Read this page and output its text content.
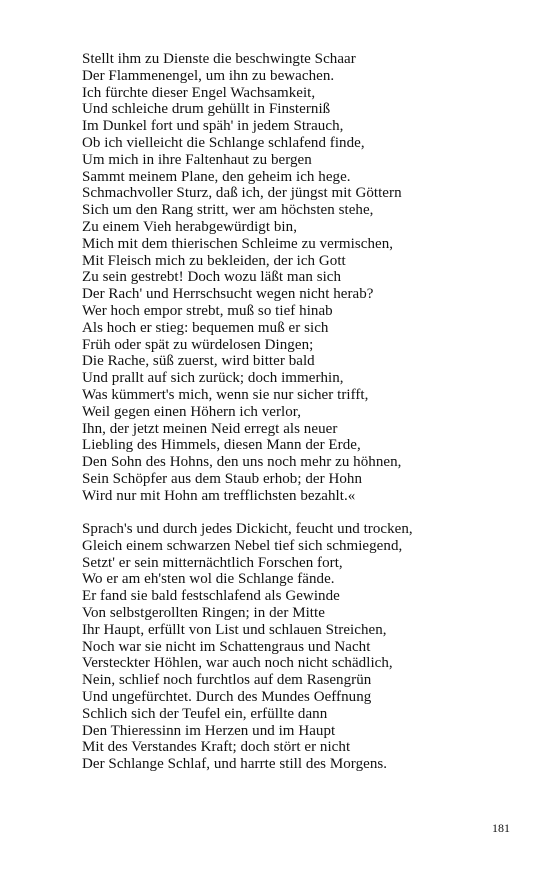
Stellt ihm zu Dienste die beschwingte Schaar
Der Flammenengel, um ihn zu bewachen.
Ich fürchte dieser Engel Wachsamkeit,
Und schleiche drum gehüllt in Finsterniß
Im Dunkel fort und späh' in jedem Strauch,
Ob ich vielleicht die Schlange schlafend finde,
Um mich in ihre Faltenhaut zu bergen
Sammt meinem Plane, den geheim ich hege.
Schmachvoller Sturz, daß ich, der jüngst mit Göttern
Sich um den Rang stritt, wer am höchsten stehe,
Zu einem Vieh herabgewürdigt bin,
Mich mit dem thierischen Schleime zu vermischen,
Mit Fleisch mich zu bekleiden, der ich Gott
Zu sein gestrebt! Doch wozu läßt man sich
Der Rach' und Herrschsucht wegen nicht herab?
Wer hoch empor strebt, muß so tief hinab
Als hoch er stieg: bequemen muß er sich
Früh oder spät zu würdelosen Dingen;
Die Rache, süß zuerst, wird bitter bald
Und prallt auf sich zurück; doch immerhin,
Was kümmert's mich, wenn sie nur sicher trifft,
Weil gegen einen Höhern ich verlor,
Ihn, der jetzt meinen Neid erregt als neuer
Liebling des Himmels, diesen Mann der Erde,
Den Sohn des Hohns, den uns noch mehr zu höhnen,
Sein Schöpfer aus dem Staub erhob; der Hohn
Wird nur mit Hohn am trefflichsten bezahlt.«
Sprach's und durch jedes Dickicht, feucht und trocken,
Gleich einem schwarzen Nebel tief sich schmiegend,
Setzt' er sein mitternächtlich Forschen fort,
Wo er am eh'sten wol die Schlange fände.
Er fand sie bald festschlafend als Gewinde
Von selbstgerollten Ringen; in der Mitte
Ihr Haupt, erfüllt von List und schlauen Streichen,
Noch war sie nicht im Schattengraus und Nacht
Versteckter Höhlen, war auch noch nicht schädlich,
Nein, schlief noch furchtlos auf dem Rasengrün
Und ungefürchtet. Durch des Mundes Oeffnung
Schlich sich der Teufel ein, erfüllte dann
Den Thieressinn im Herzen und im Haupt
Mit des Verstandes Kraft; doch stört er nicht
Der Schlange Schlaf, und harrte still des Morgens.
181
